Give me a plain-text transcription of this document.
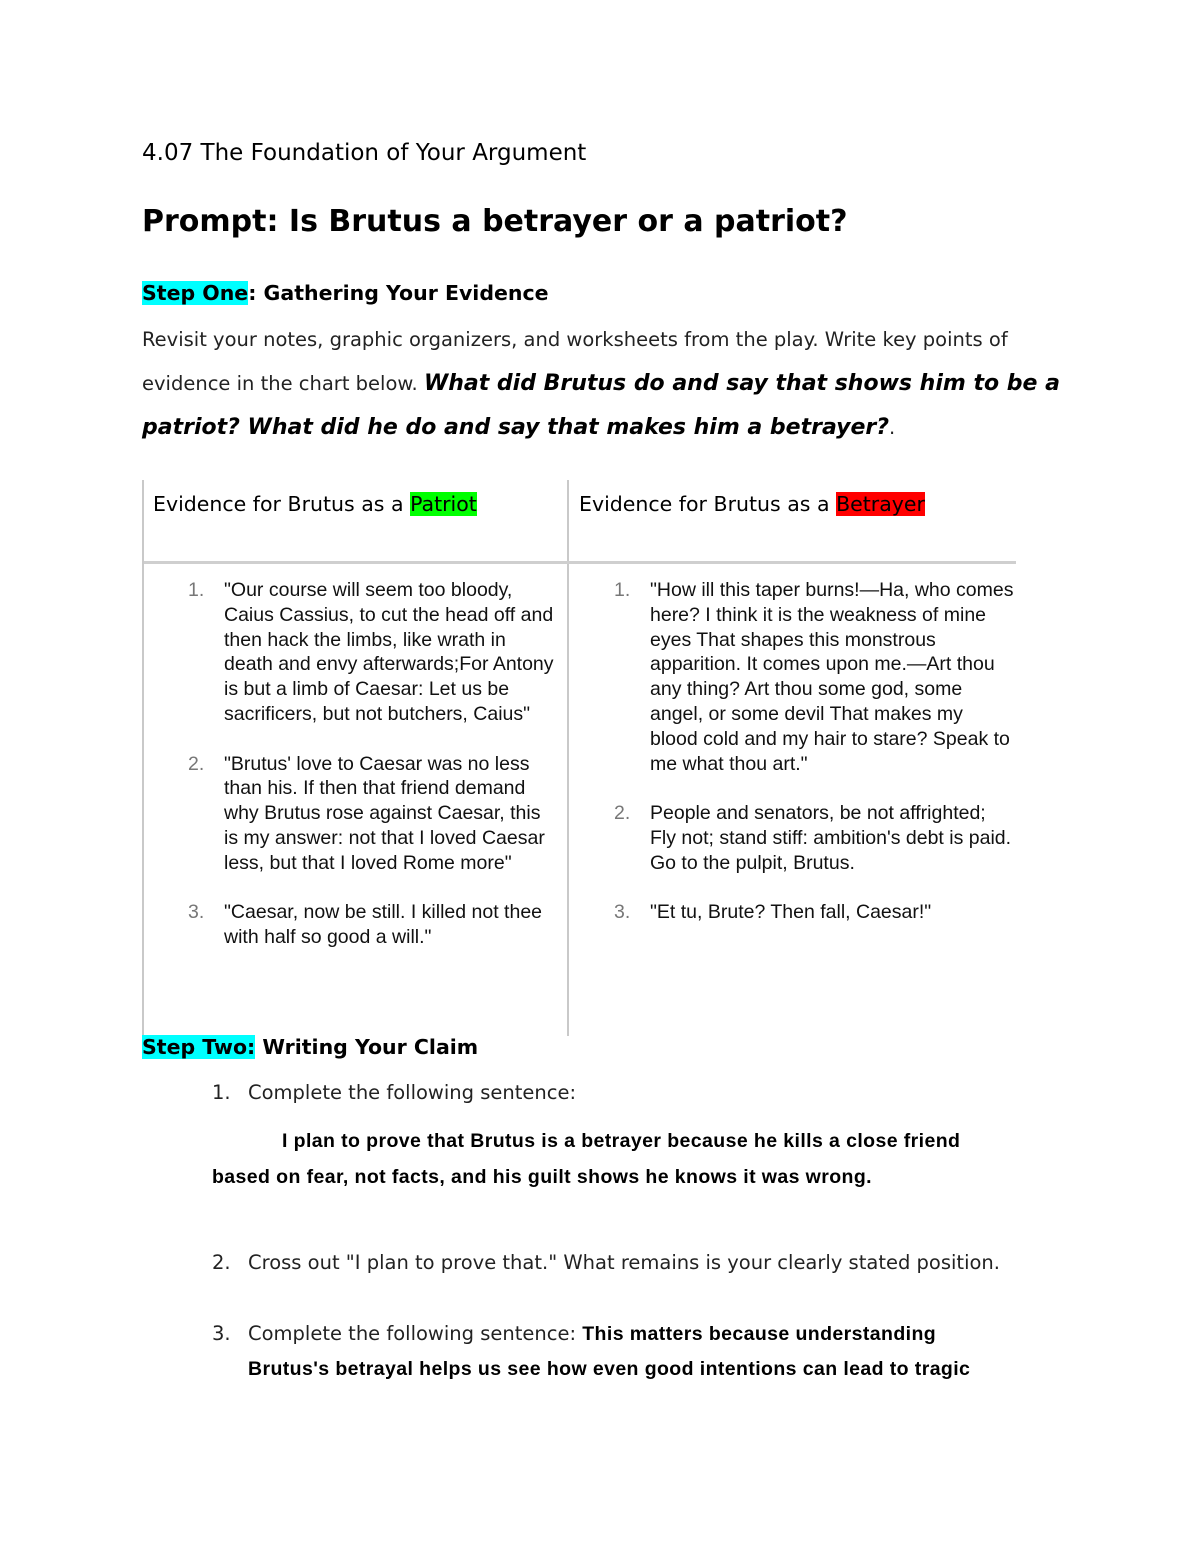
4.07 The Foundation of Your Argument
Prompt: Is Brutus a betrayer or a patriot?
Step One: Gathering Your Evidence
Revisit your notes, graphic organizers, and worksheets from the play. Write key points of evidence in the chart below. What did Brutus do and say that shows him to be a patriot? What did he do and say that makes him a betrayer?.
Evidence for Brutus as a Patriot	Evidence for Brutus as a Betrayer
1. "Our course will seem too bloody, Caius Cassius, to cut the head off and then hack the limbs, like wrath in death and envy afterwards;For Antony is but a limb of Caesar: Let us be sacrificers, but not butchers, Caius"
2. "Brutus' love to Caesar was no less than his. If then that friend demand why Brutus rose against Caesar, this is my answer: not that I loved Caesar less, but that I loved Rome more"
3. "Caesar, now be still. I killed not thee with half so good a will."
1. "How ill this taper burns!—Ha, who comes here? I think it is the weakness of mine eyes That shapes this monstrous apparition. It comes upon me.—Art thou any thing? Art thou some god, some angel, or some devil That makes my blood cold and my hair to stare? Speak to me what thou art."
2. People and senators, be not affrighted; Fly not; stand stiff: ambition's debt is paid. Go to the pulpit, Brutus.
3. "Et tu, Brute? Then fall, Caesar!"
Step Two: Writing Your Claim
1. Complete the following sentence:
I plan to prove that Brutus is a betrayer because he kills a close friend
based on fear, not facts, and his guilt shows he knows it was wrong.
2. Cross out "I plan to prove that." What remains is your clearly stated position.
3. Complete the following sentence: This matters because understanding
Brutus's betrayal helps us see how even good intentions can lead to tragic
